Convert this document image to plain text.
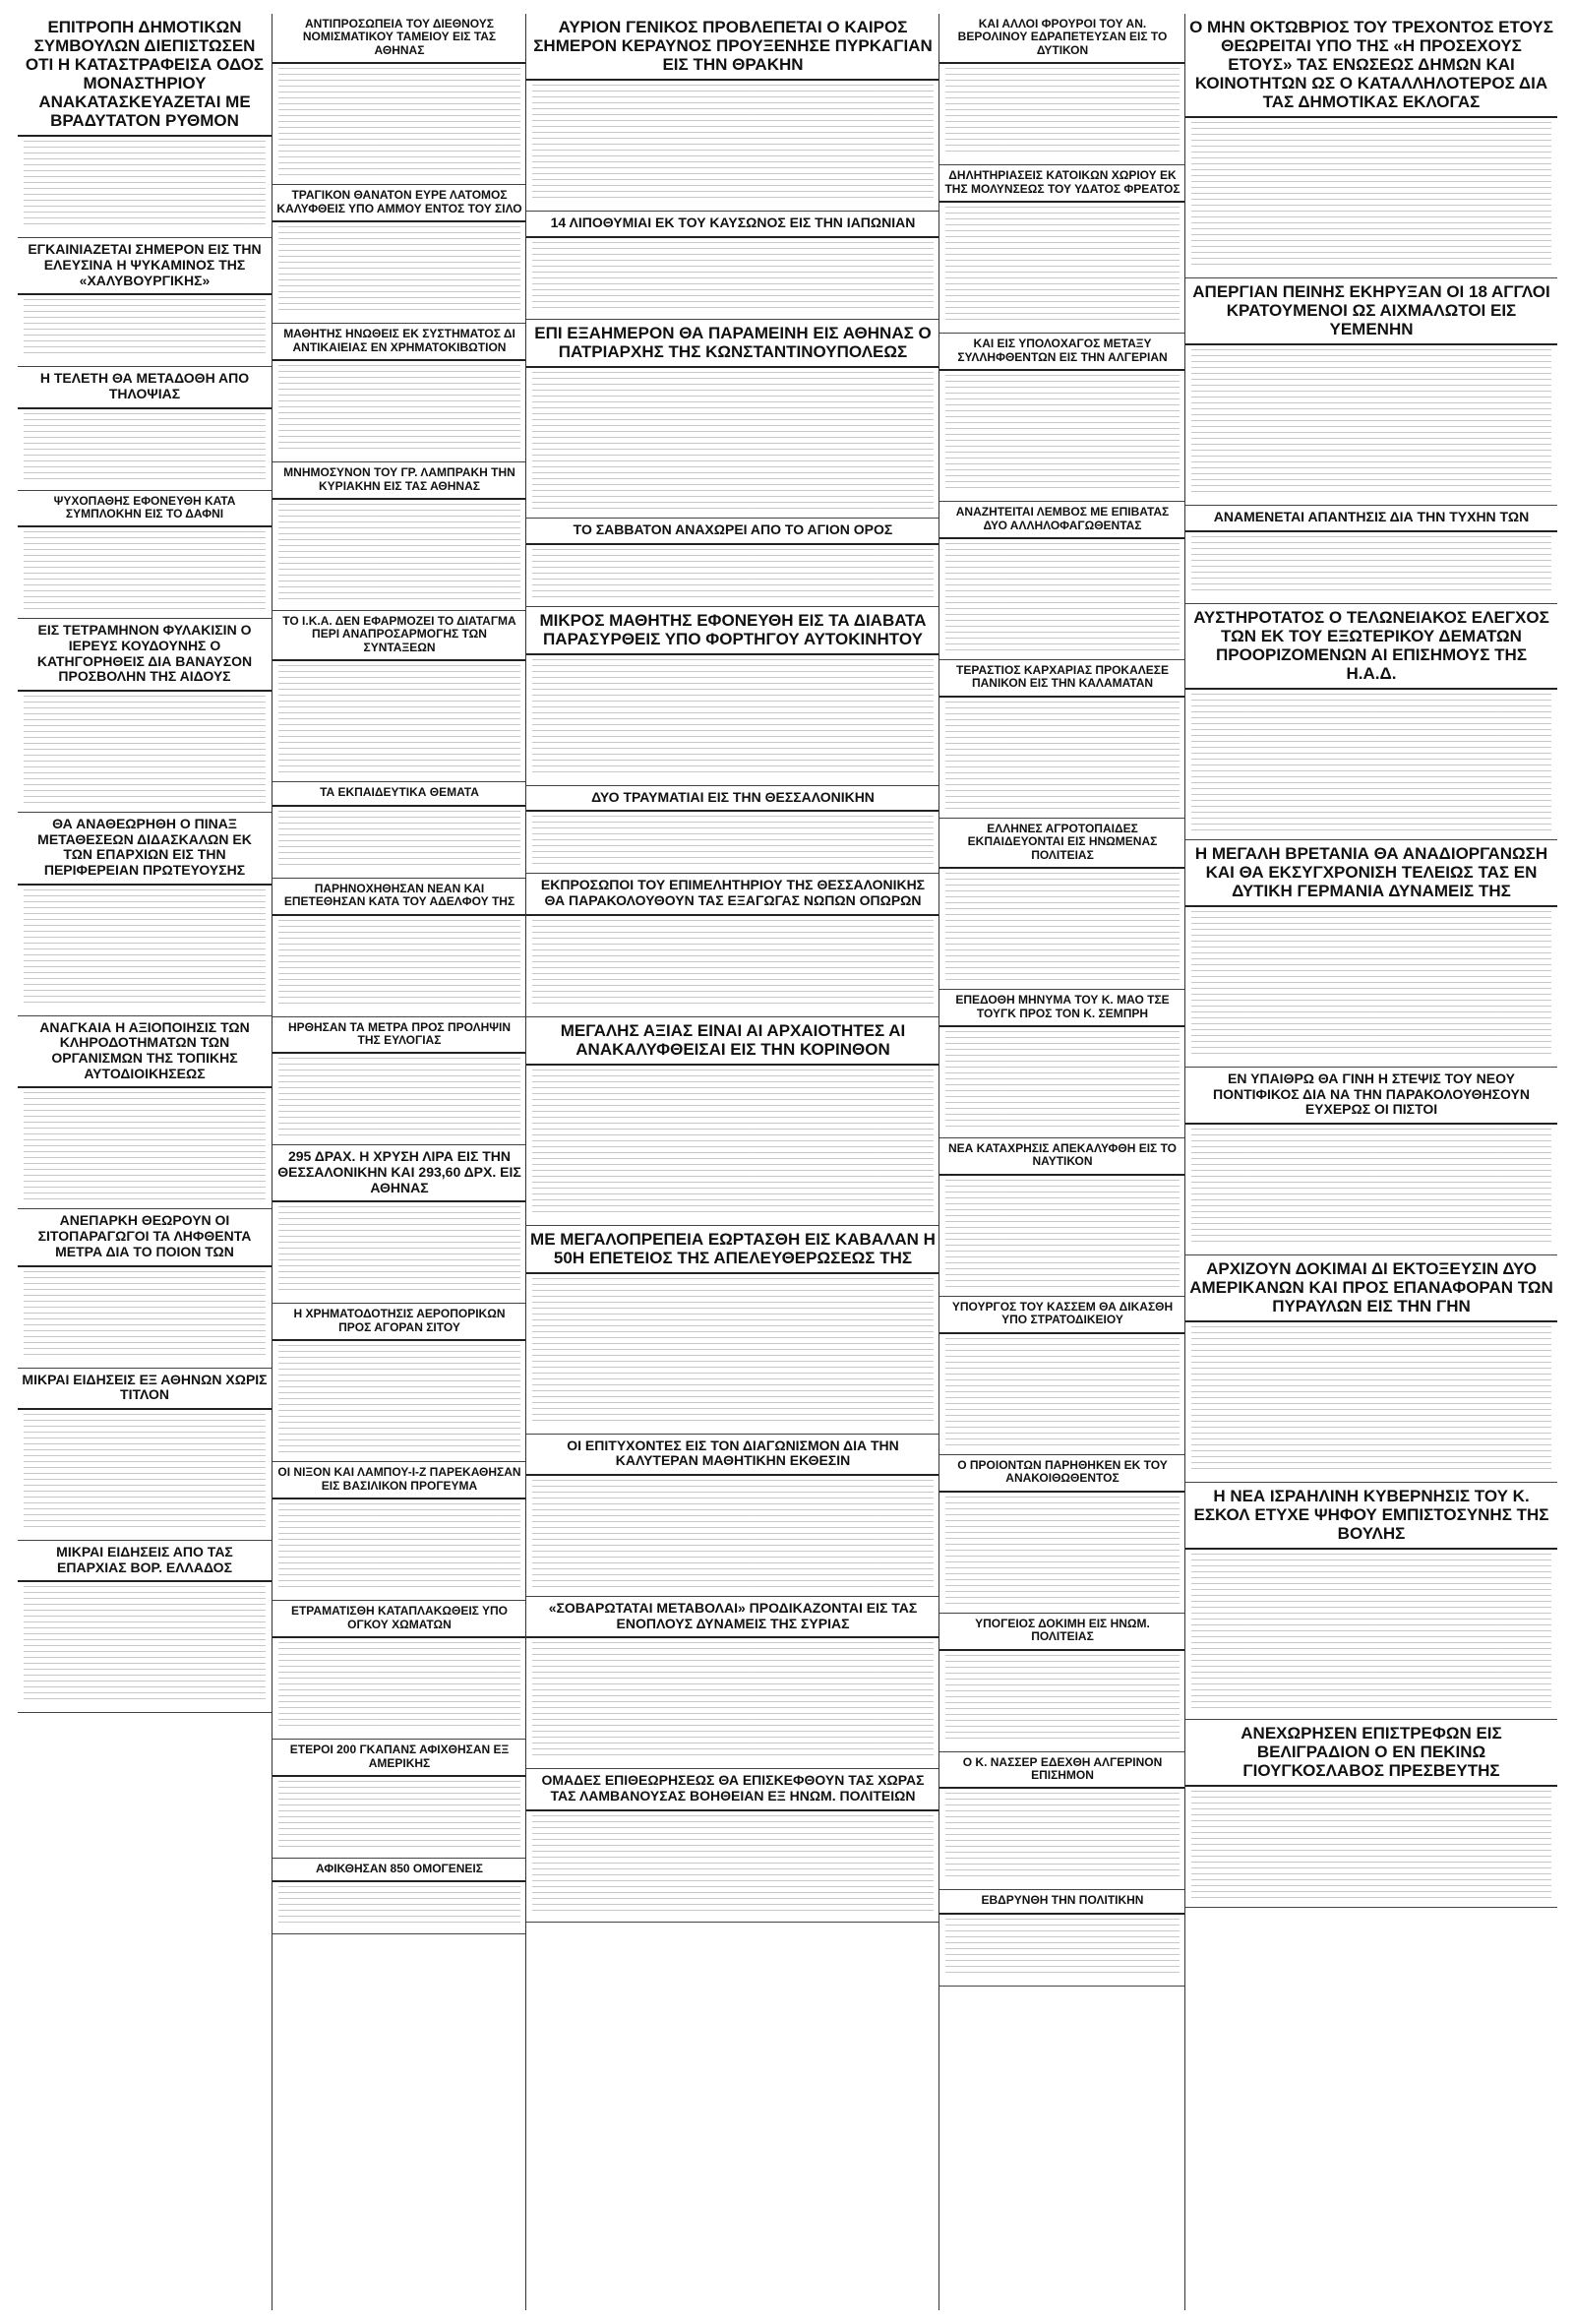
ΕΠΙΤΡΟΠΗ ΔΗΜΟΤΙΚΩΝ ΣΥΜΒΟΥΛΩΝ ΔΙΕΠΙΣΤΩΣΕΝ ΟΤΙ Η ΚΑΤΑΣΤΡΑΦΕΙΣΑ ΟΔΟΣ ΜΟΝΑΣΤΗΡΙΟΥ ΑΝΑΚΑΤΑΣΚΕΥΑΖΕΤΑΙ ΜΕ ΒΡΑΔΥΤΑΤΟΝ ΡΥΘΜΟΝ
ΕΓΚΑΙΝΙΑΖΕΤΑΙ ΣΗΜΕΡΟΝ ΕΙΣ ΤΗΝ ΕΛΕΥΣΙΝΑ Η ΨΥΚΑΜΙΝΟΣ ΤΗΣ «ΧΑΛΥΒΟΥΡΓΙΚΗΣ»
Η ΤΕΛΕΤΗ ΘΑ ΜΕΤΑΔΟΘΗ ΑΠΟ ΤΗΛΟΨΙΑΣ
ΨΥΧΟΠΑΘΗΣ ΕΦΟΝΕΥΘΗ ΚΑΤΑ ΣΥΜΠΛΟΚΗΝ ΕΙΣ ΤΟ ΔΑΦΝΙ
ΕΙΣ ΤΕΤΡΑΜΗΝΟΝ ΦΥΛΑΚΙΣΙΝ Ο ΙΕΡΕΥΣ ΚΟΥΔΟΥΝΗΣ Ο ΚΑΤΗΓΟΡΗΘΕΙΣ ΔΙΑ ΒΑΝΑΥΣΟΝ ΠΡΟΣΒΟΛΗΝ ΤΗΣ ΑΙΔΟΥΣ
ΘΑ ΑΝΑΘΕΩΡΗΘΗ Ο ΠΙΝΑΞ ΜΕΤΑΘΕΣΕΩΝ ΔΙΔΑΣΚΑΛΩΝ ΕΚ ΤΩΝ ΕΠΑΡΧΙΩΝ ΕΙΣ ΤΗΝ ΠΕΡΙΦΕΡΕΙΑΝ ΠΡΩΤΕΥΟΥΣΗΣ
ΑΝΑΓΚΑΙΑ Η ΑΞΙΟΠΟΙΗΣΙΣ ΤΩΝ ΚΛΗΡΟΔΟΤΗΜΑΤΩΝ ΤΩΝ ΟΡΓΑΝΙΣΜΩΝ ΤΗΣ ΤΟΠΙΚΗΣ ΑΥΤΟΔΙΟΙΚΗΣΕΩΣ
ΑΝΕΠΑΡΚΗ ΘΕΩΡΟΥΝ ΟΙ ΣΙΤΟΠΑΡΑΓΩΓΟΙ ΤΑ ΛΗΦΘΕΝΤΑ ΜΕΤΡΑ ΔΙΑ ΤΟ ΠΟΙΟΝ ΤΩΝ
ΜΙΚΡΑΙ ΕΙΔΗΣΕΙΣ ΕΞ ΑΘΗΝΩΝ ΧΩΡΙΣ ΤΙΤΛΟΝ
ΜΙΚΡΑΙ ΕΙΔΗΣΕΙΣ ΑΠΟ ΤΑΣ ΕΠΑΡΧΙΑΣ ΒΟΡ. ΕΛΛΑΔΟΣ
ΑΝΤΙΠΡΟΣΩΠΕΙΑ ΤΟΥ ΔΙΕΘΝΟΥΣ ΝΟΜΙΣΜΑΤΙΚΟΥ ΤΑΜΕΙΟΥ ΕΙΣ ΤΑΣ ΑΘΗΝΑΣ
ΤΡΑΓΙΚΟΝ ΘΑΝΑΤΟΝ ΕΥΡΕ ΛΑΤΟΜΟΣ ΚΑΛΥΦΘΕΙΣ ΥΠΟ ΑΜΜΟΥ ΕΝΤΟΣ ΤΟΥ ΣΙΛΟ
ΜΑΘΗΤΗΣ ΗΝΩΘΕΙΣ ΕΚ ΣΥΣΤΗΜΑΤΟΣ ΔΙ ΑΝΤΙΚΑΙΕΙΑΣ ΕΝ ΧΡΗΜΑΤΟΚΙΒΩΤΙΟΝ
ΜΝΗΜΟΣΥΝΟΝ ΤΟΥ ΓΡ. ΛΑΜΠΡΑΚΗ ΤΗΝ ΚΥΡΙΑΚΗΝ ΕΙΣ ΤΑΣ ΑΘΗΝΑΣ
ΤΟ Ι.Κ.Α. ΔΕΝ ΕΦΑΡΜΟΖΕΙ ΤΟ ΔΙΑΤΑΓΜΑ ΠΕΡΙ ΑΝΑΠΡΟΣΑΡΜΟΓΗΣ ΤΩΝ ΣΥΝΤΑΞΕΩΝ
ΤΑ ΕΚΠΑΙΔΕΥΤΙΚΑ ΘΕΜΑΤΑ
ΠΑΡΗΝΟΧΗΘΗΣΑΝ ΝΕΑΝ ΚΑΙ ΕΠΕΤΕΘΗΣΑΝ ΚΑΤΑ ΤΟΥ ΑΔΕΛΦΟΥ ΤΗΣ
ΗΡΘΗΣΑΝ ΤΑ ΜΕΤΡΑ ΠΡΟΣ ΠΡΟΛΗΨΙΝ ΤΗΣ ΕΥΛΟΓΙΑΣ
295 ΔΡΑΧ. Η ΧΡΥΣΗ ΛΙΡΑ ΕΙΣ ΤΗΝ ΘΕΣΣΑΛΟΝΙΚΗΝ ΚΑΙ 293,60 ΔΡΧ. ΕΙΣ ΑΘΗΝΑΣ
Η ΧΡΗΜΑΤΟΔΟΤΗΣΙΣ ΑΕΡΟΠΟΡΙΚΩΝ ΠΡΟΣ ΑΓΟΡΑΝ ΣΙΤΟΥ
ΟΙ ΝΙΞΟΝ ΚΑΙ ΛΑΜΠΟΥ-Ι-Ζ ΠΑΡΕΚΑΘΗΣΑΝ ΕΙΣ ΒΑΣΙΛΙΚΟΝ ΠΡΟΓΕΥΜΑ
ΕΤΡΑΜΑΤΙΣΘΗ ΚΑΤΑΠΛΑΚΩΘΕΙΣ ΥΠΟ ΟΓΚΟΥ ΧΩΜΑΤΩΝ
ΕΤΕΡΟΙ 200 ΓΚΑΠΑΝΣ ΑΦΙΧΘΗΣΑΝ ΕΞ ΑΜΕΡΙΚΗΣ
ΑΦΙΚΘΗΣΑΝ 850 ΟΜΟΓΕΝΕΙΣ
ΑΥΡΙΟΝ ΓΕΝΙΚΟΣ ΠΡΟΒΛΕΠΕΤΑΙ Ο ΚΑΙΡΟΣ ΣΗΜΕΡΟΝ ΚΕΡΑΥΝΟΣ ΠΡΟΥΞΕΝΗΣΕ ΠΥΡΚΑΓΙΑΝ ΕΙΣ ΤΗΝ ΘΡΑΚΗΝ
14 ΛΙΠΟΘΥΜΙΑΙ ΕΚ ΤΟΥ ΚΑΥΣΩΝΟΣ ΕΙΣ ΤΗΝ ΙΑΠΩΝΙΑΝ
ΕΠΙ ΕΞΑΗΜΕΡΟΝ ΘΑ ΠΑΡΑΜΕΙΝΗ ΕΙΣ ΑΘΗΝΑΣ Ο ΠΑΤΡΙΑΡΧΗΣ ΤΗΣ ΚΩΝΣΤΑΝΤΙΝΟΥΠΟΛΕΩΣ
ΤΟ ΣΑΒΒΑΤΟΝ ΑΝΑΧΩΡΕΙ ΑΠΟ ΤΟ ΑΓΙΟΝ ΟΡΟΣ
ΜΙΚΡΟΣ ΜΑΘΗΤΗΣ ΕΦΟΝΕΥΘΗ ΕΙΣ ΤΑ ΔΙΑΒΑΤΑ ΠΑΡΑΣΥΡΘΕΙΣ ΥΠΟ ΦΟΡΤΗΓΟΥ ΑΥΤΟΚΙΝΗΤΟΥ
ΔΥΟ ΤΡΑΥΜΑΤΙΑΙ ΕΙΣ ΤΗΝ ΘΕΣΣΑΛΟΝΙΚΗΝ
ΕΚΠΡΟΣΩΠΟΙ ΤΟΥ ΕΠΙΜΕΛΗΤΗΡΙΟΥ ΤΗΣ ΘΕΣΣΑΛΟΝΙΚΗΣ ΘΑ ΠΑΡΑΚΟΛΟΥΘΟΥΝ ΤΑΣ ΕΞΑΓΩΓΑΣ ΝΩΠΩΝ ΟΠΩΡΩΝ
ΜΕΓΑΛΗΣ ΑΞΙΑΣ ΕΙΝΑΙ ΑΙ ΑΡΧΑΙΟΤΗΤΕΣ ΑΙ ΑΝΑΚΑΛΥΦΘΕΙΣΑΙ ΕΙΣ ΤΗΝ ΚΟΡΙΝΘΟΝ
ΜΕ ΜΕΓΑΛΟΠΡΕΠΕΙΑ ΕΩΡΤΑΣΘΗ ΕΙΣ ΚΑΒΑΛΑΝ Η 50Η ΕΠΕΤΕΙΟΣ ΤΗΣ ΑΠΕΛΕΥΘΕΡΩΣΕΩΣ ΤΗΣ
ΟΙ ΕΠΙΤΥΧΟΝΤΕΣ ΕΙΣ ΤΟΝ ΔΙΑΓΩΝΙΣΜΟΝ ΔΙΑ ΤΗΝ ΚΑΛΥΤΕΡΑΝ ΜΑΘΗΤΙΚΗΝ ΕΚΘΕΣΙΝ
«ΣΟΒΑΡΩΤΑΤΑΙ ΜΕΤΑΒΟΛΑΙ» ΠΡΟΔΙΚΑΖΟΝΤΑΙ ΕΙΣ ΤΑΣ ΕΝΟΠΛΟΥΣ ΔΥΝΑΜΕΙΣ ΤΗΣ ΣΥΡΙΑΣ
ΟΜΑΔΕΣ ΕΠΙΘΕΩΡΗΣΕΩΣ ΘΑ ΕΠΙΣΚΕΦΘΟΥΝ ΤΑΣ ΧΩΡΑΣ ΤΑΣ ΛΑΜΒΑΝΟΥΣΑΣ ΒΟΗΘΕΙΑΝ ΕΞ ΗΝΩΜ. ΠΟΛΙΤΕΙΩΝ
ΚΑΙ ΑΛΛΟΙ ΦΡΟΥΡΟΙ ΤΟΥ ΑΝ. ΒΕΡΟΛΙΝΟΥ ΕΔΡΑΠΕΤΕΥΣΑΝ ΕΙΣ ΤΟ ΔΥΤΙΚΟΝ
ΔΗΛΗΤΗΡΙΑΣΕΙΣ ΚΑΤΟΙΚΩΝ ΧΩΡΙΟΥ ΕΚ ΤΗΣ ΜΟΛΥΝΣΕΩΣ ΤΟΥ ΥΔΑΤΟΣ ΦΡΕΑΤΟΣ
ΚΑΙ ΕΙΣ ΥΠΟΛΟΧΑΓΟΣ ΜΕΤΑΞΥ ΣΥΛΛΗΦΘΕΝΤΩΝ ΕΙΣ ΤΗΝ ΑΛΓΕΡΙΑΝ
ΑΝΑΖΗΤΕΙΤΑΙ ΛΕΜΒΟΣ ΜΕ ΕΠΙΒΑΤΑΣ ΔΥΟ ΑΛΛΗΛΟΦΑΓΩΘΕΝΤΑΣ
ΤΕΡΑΣΤΙΟΣ ΚΑΡΧΑΡΙΑΣ ΠΡΟΚΑΛΕΣΕ ΠΑΝΙΚΟΝ ΕΙΣ ΤΗΝ ΚΑΛΑΜΑΤΑΝ
ΕΛΛΗΝΕΣ ΑΓΡΟΤΟΠΑΙΔΕΣ ΕΚΠΑΙΔΕΥΟΝΤΑΙ ΕΙΣ ΗΝΩΜΕΝΑΣ ΠΟΛΙΤΕΙΑΣ
ΕΠΕΔΟΘΗ ΜΗΝΥΜΑ ΤΟΥ Κ. ΜΑΟ ΤΣΕ ΤΟΥΓΚ ΠΡΟΣ ΤΟΝ Κ. ΣΕΜΠΡΗ
ΝΕΑ ΚΑΤΑΧΡΗΣΙΣ ΑΠΕΚΑΛΥΦΘΗ ΕΙΣ ΤΟ ΝΑΥΤΙΚΟΝ
ΥΠΟΥΡΓΟΣ ΤΟΥ ΚΑΣΣΕΜ ΘΑ ΔΙΚΑΣΘΗ ΥΠΟ ΣΤΡΑΤΟΔΙΚΕΙΟΥ
Ο ΠΡΟΙΟΝΤΩΝ ΠΑΡΗΘΗΚΕΝ ΕΚ ΤΟΥ ΑΝΑΚΟΙΘΩΘΕΝΤΟΣ
ΥΠΟΓΕΙΟΣ ΔΟΚΙΜΗ ΕΙΣ ΗΝΩΜ. ΠΟΛΙΤΕΙΑΣ
Ο Κ. ΝΑΣΣΕΡ ΕΔΕΧΘΗ ΑΛΓΕΡΙΝΟΝ ΕΠΙΣΗΜΟΝ
ΕΒΔΡΥΝΘΗ ΤΗΝ ΠΟΛΙΤΙΚΗΝ
Ο ΜΗΝ ΟΚΤΩΒΡΙΟΣ ΤΟΥ ΤΡΕΧΟΝΤΟΣ ΕΤΟΥΣ ΘΕΩΡΕΙΤΑΙ ΥΠΟ ΤΗΣ «Η ΠΡΟΣΕΧΟΥΣ ΕΤΟΥΣ» ΤΑΣ ΕΝΩΣΕΩΣ ΔΗΜΩΝ ΚΑΙ ΚΟΙΝΟΤΗΤΩΝ ΩΣ Ο ΚΑΤΑΛΛΗΛΟΤΕΡΟΣ ΔΙΑ ΤΑΣ ΔΗΜΟΤΙΚΑΣ ΕΚΛΟΓΑΣ
ΑΠΕΡΓΙΑΝ ΠΕΙΝΗΣ ΕΚΗΡΥΞΑΝ ΟΙ 18 ΑΓΓΛΟΙ ΚΡΑΤΟΥΜΕΝΟΙ ΩΣ ΑΙΧΜΑΛΩΤΟΙ ΕΙΣ ΥΕΜΕΝΗΝ
ΑΝΑΜΕΝΕΤΑΙ ΑΠΑΝΤΗΣΙΣ ΔΙΑ ΤΗΝ ΤΥΧΗΝ ΤΩΝ
ΑΥΣΤΗΡΟΤΑΤΟΣ Ο ΤΕΛΩΝΕΙΑΚΟΣ ΕΛΕΓΧΟΣ ΤΩΝ ΕΚ ΤΟΥ ΕΞΩΤΕΡΙΚΟΥ ΔΕΜΑΤΩΝ ΠΡΟΟΡΙΖΟΜΕΝΩΝ ΑΙ ΕΠΙΣΗΜΟΥΣ ΤΗΣ Η.Α.Δ.
Η ΜΕΓΑΛΗ ΒΡΕΤΑΝΙΑ ΘΑ ΑΝΑΔΙΟΡΓΑΝΩΣΗ ΚΑΙ ΘΑ ΕΚΣΥΓΧΡΟΝΙΣΗ ΤΕΛΕΙΩΣ ΤΑΣ ΕΝ ΔΥΤΙΚΗ ΓΕΡΜΑΝΙΑ ΔΥΝΑΜΕΙΣ ΤΗΣ
ΕΝ ΥΠΑΙΘΡΩ ΘΑ ΓΙΝΗ Η ΣΤΕΨΙΣ ΤΟΥ ΝΕΟΥ ΠΟΝΤΙΦΙΚΟΣ ΔΙΑ ΝΑ ΤΗΝ ΠΑΡΑΚΟΛΟΥΘΗΣΟΥΝ ΕΥΧΕΡΩΣ ΟΙ ΠΙΣΤΟΙ
ΑΡΧΙΖΟΥΝ ΔΟΚΙΜΑΙ ΔΙ ΕΚΤΟΞΕΥΣΙΝ ΔΥΟ ΑΜΕΡΙΚΑΝΩΝ ΚΑΙ ΠΡΟΣ ΕΠΑΝΑΦΟΡΑΝ ΤΩΝ ΠΥΡΑΥΛΩΝ ΕΙΣ ΤΗΝ ΓΗΝ
Η ΝΕΑ ΙΣΡΑΗΛΙΝΗ ΚΥΒΕΡΝΗΣΙΣ ΤΟΥ Κ. ΕΣΚΟΛ ΕΤΥΧΕ ΨΗΦΟΥ ΕΜΠΙΣΤΟΣΥΝΗΣ ΤΗΣ ΒΟΥΛΗΣ
ΑΝΕΧΩΡΗΣΕΝ ΕΠΙΣΤΡΕΦΩΝ ΕΙΣ ΒΕΛΙΓΡΑΔΙΟΝ Ο ΕΝ ΠΕΚΙΝΩ ΓΙΟΥΓΚΟΣΛΑΒΟΣ ΠΡΕΣΒΕΥΤΗΣ
